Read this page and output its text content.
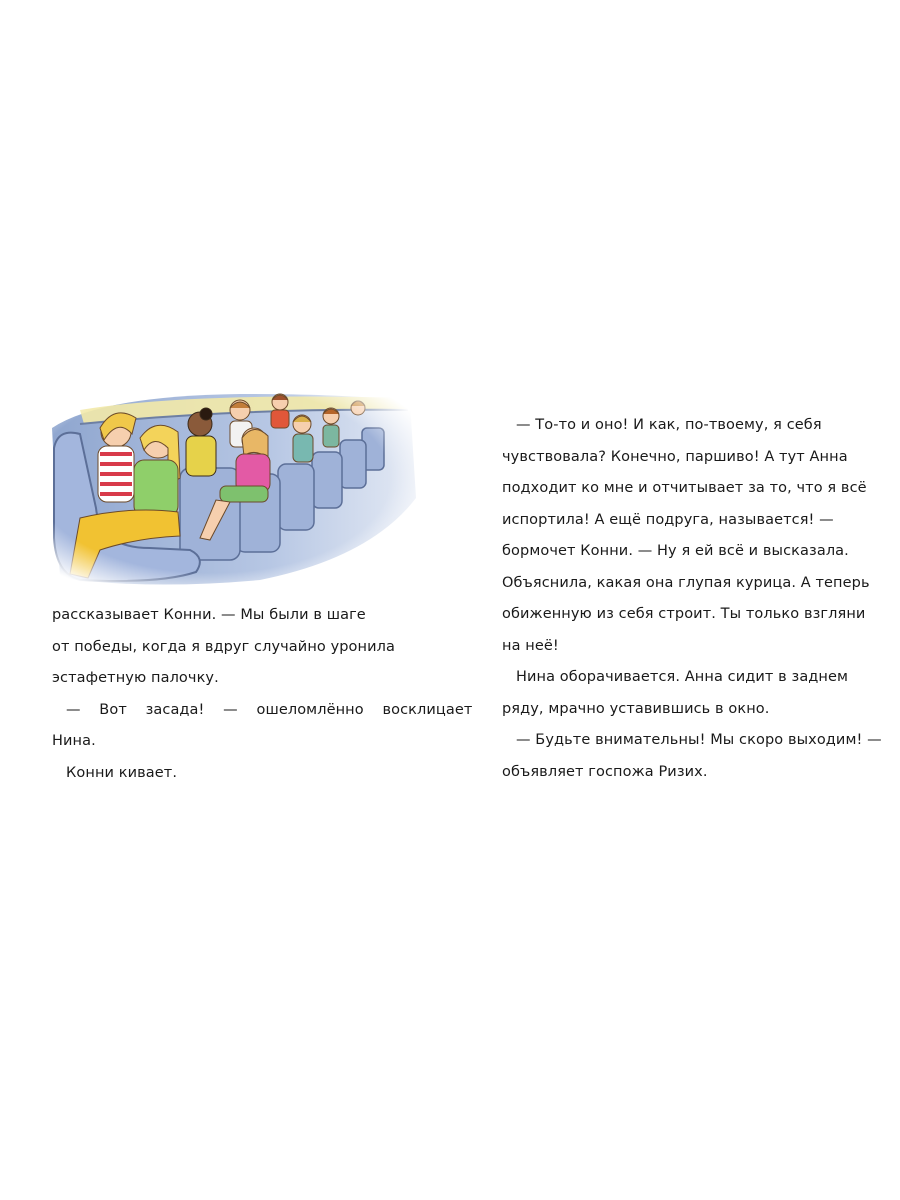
рассказывает Конни. — Мы были в шаге
от победы, когда я вдруг случайно уронила
эстафетную палочку.
— Вот засада! — ошеломлённо восклицает
Нина.
Конни кивает.
— То-то и оно! И как, по-твоему, я себя
чувствовала? Конечно, паршиво! А тут Анна
подходит ко мне и отчитывает за то, что я всё
испортила! А ещё подруга, называется! —
бормочет Конни. — Ну я ей всё и высказала.
Объяснила, какая она глупая курица. А теперь
обиженную из себя строит. Ты только взгляни
на неё!
Нина оборачивается. Анна сидит в заднем
ряду, мрачно уставившись в окно.
— Будьте внимательны! Мы скоро выходим! —
объявляет госпожа Ризих.
